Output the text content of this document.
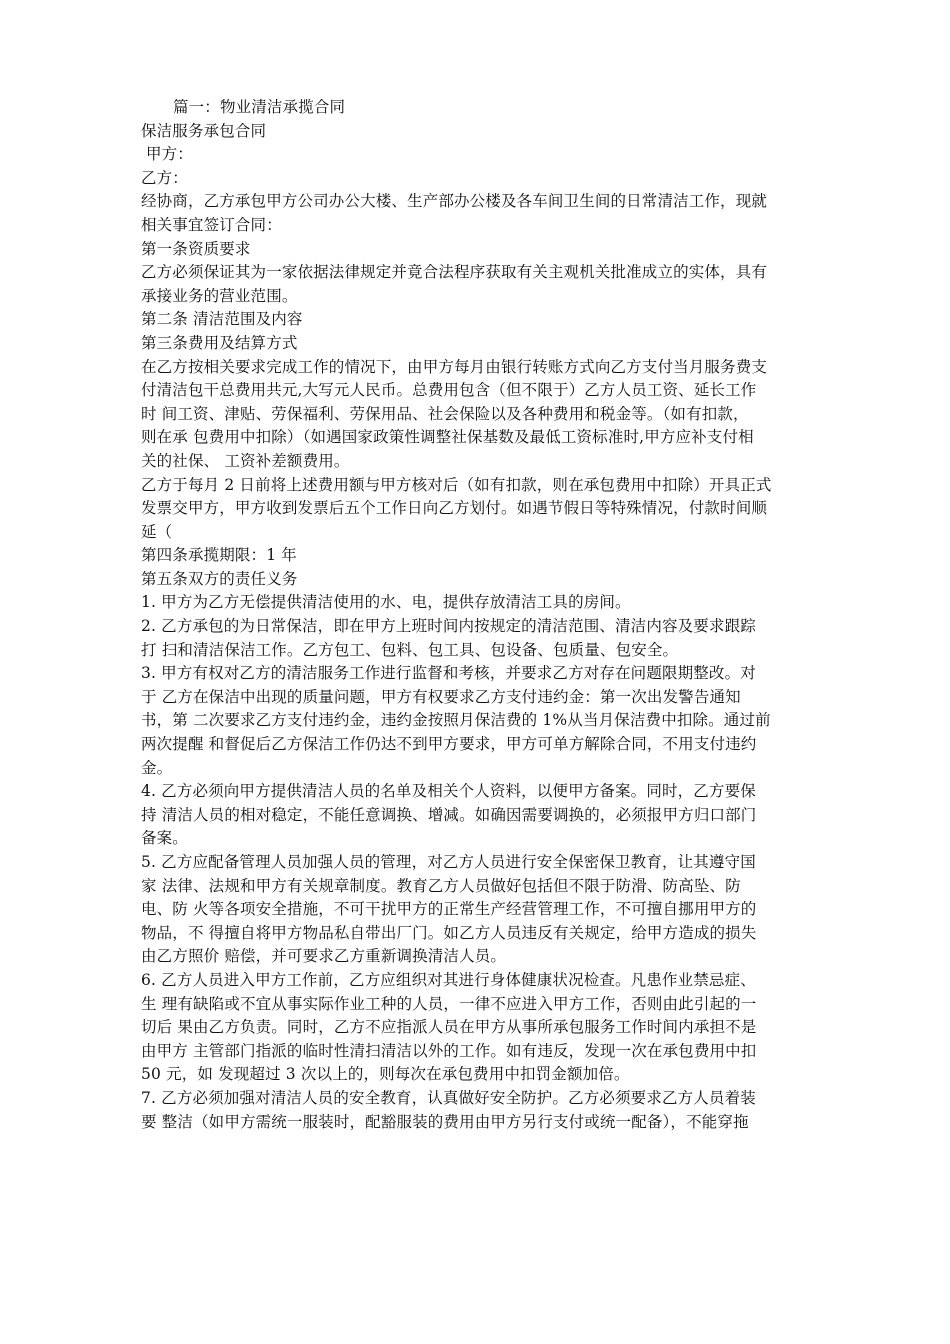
篇一：物业清洁承揽合同
保洁服务承包合同
甲方：
乙方：
经协商，乙方承包甲方公司办公大楼、生产部办公楼及各车间卫生间的日常清洁工作，现就
相关事宜签订合同：
第一条资质要求
乙方必须保证其为一家依据法律规定并竟合法程序获取有关主观机关批准成立的实体，具有
承接业务的营业范围。
第二条 清洁范围及内容
第三条费用及结算方式
在乙方按相关要求完成工作的情况下，由甲方每月由银行转账方式向乙方支付当月服务费支
付清洁包干总费用共元,大写元人民币。总费用包含（但不限于）乙方人员工资、延长工作
时 间工资、津贴、劳保福利、劳保用品、社会保险以及各种费用和税金等。（如有扣款，
则在承 包费用中扣除）（如遇国家政策性调整社保基数及最低工资标准时,甲方应补支付相
关的社保、 工资补差额费用。
乙方于每月 2 日前将上述费用额与甲方核对后（如有扣款，则在承包费用中扣除）开具正式
发票交甲方，甲方收到发票后五个工作日向乙方划付。如遇节假日等特殊情况，付款时间顺
延（
第四条承揽期限：1 年
第五条双方的责任义务
1. 甲方为乙方无偿提供清洁使用的水、电，提供存放清洁工具的房间。
2. 乙方承包的为日常保洁，即在甲方上班时间内按规定的清洁范围、清洁内容及要求跟踪
打 扫和清洁保洁工作。乙方包工、包料、包工具、包设备、包质量、包安全。
3. 甲方有权对乙方的清洁服务工作进行监督和考核，并要求乙方对存在问题限期整改。对
于 乙方在保洁中出现的质量问题，甲方有权要求乙方支付违约金：第一次出发警告通知
书，第 二次要求乙方支付违约金，违约金按照月保洁费的 1%从当月保洁费中扣除。通过前
两次提醒 和督促后乙方保洁工作仍达不到甲方要求，甲方可单方解除合同，不用支付违约
金。
4. 乙方必须向甲方提供清洁人员的名单及相关个人资料，以便甲方备案。同时，乙方要保
持 清洁人员的相对稳定，不能任意调换、增减。如确因需要调换的，必须报甲方归口部门
备案。
5. 乙方应配备管理人员加强人员的管理，对乙方人员进行安全保密保卫教育，让其遵守国
家 法律、法规和甲方有关规章制度。教育乙方人员做好包括但不限于防滑、防高坠、防
电、防 火等各项安全措施，不可干扰甲方的正常生产经营管理工作，不可擅自挪用甲方的
物品，不 得擅自将甲方物品私自带出厂门。如乙方人员违反有关规定，给甲方造成的损失
由乙方照价 赔偿，并可要求乙方重新调换清洁人员。
6. 乙方人员进入甲方工作前，乙方应组织对其进行身体健康状况检查。凡患作业禁忌症、
生 理有缺陷或不宜从事实际作业工种的人员，一律不应进入甲方工作，否则由此引起的一
切后 果由乙方负责。同时，乙方不应指派人员在甲方从事所承包服务工作时间内承担不是
由甲方 主管部门指派的临时性清扫清洁以外的工作。如有违反，发现一次在承包费用中扣
50 元，如 发现超过 3 次以上的，则每次在承包费用中扣罚金额加倍。
7. 乙方必须加强对清洁人员的安全教育，认真做好安全防护。乙方必须要求乙方人员着装
要 整洁（如甲方需统一服装时，配豁服装的费用由甲方另行支付或统一配备），不能穿拖
